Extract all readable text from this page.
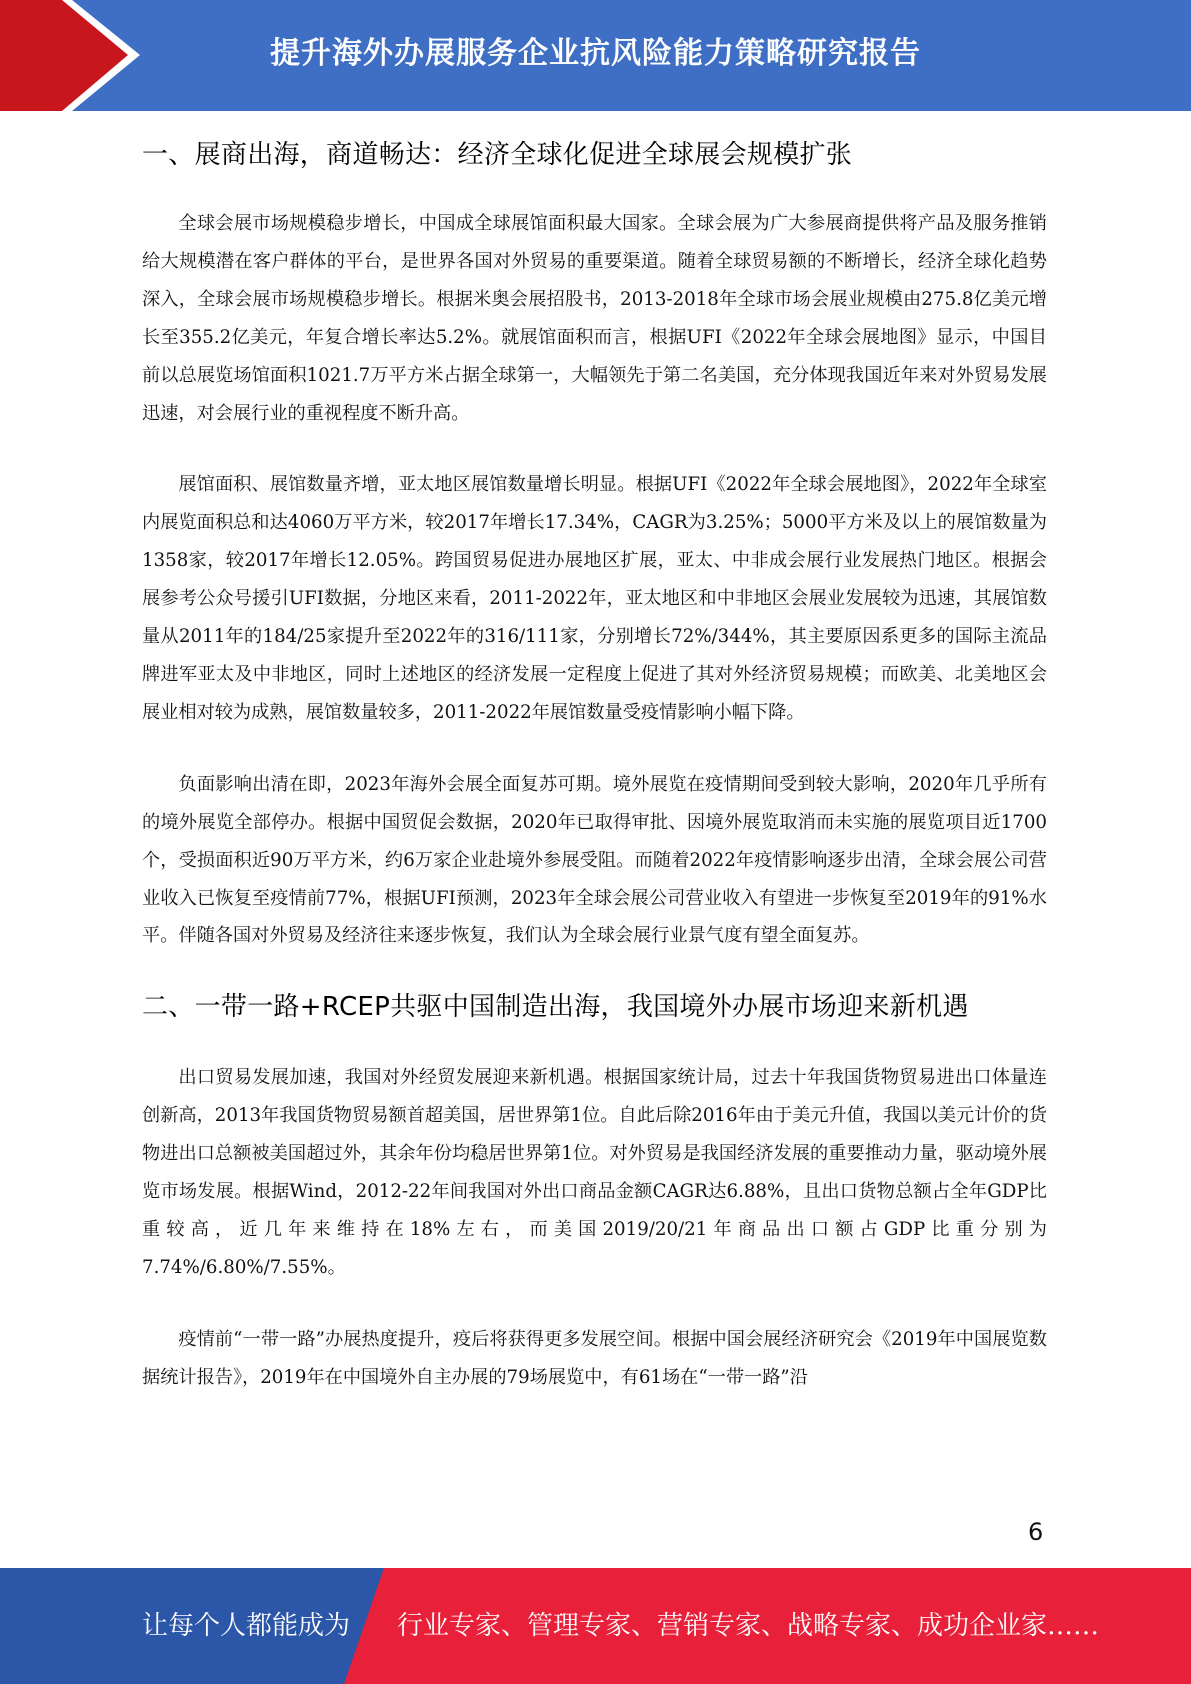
提升海外办展服务企业抗风险能力策略研究报告
一、展商出海，商道畅达：经济全球化促进全球展会规模扩张

全球会展市场规模稳步增长，中国成全球展馆面积最大国家。全球会展为广大参展商提供将产品及服务推销给大规模潜在客户群体的平台，是世界各国对外贸易的重要渠道。随着全球贸易额的不断增长，经济全球化趋势深入，全球会展市场规模稳步增长。根据米奥会展招股书，2013-2018年全球市场会展业规模由275.8亿美元增长至355.2亿美元，年复合增长率达5.2%。就展馆面积而言，根据UFI《2022年全球会展地图》显示，中国目前以总展览场馆面积1021.7万平方米占据全球第一，大幅领先于第二名美国，充分体现我国近年来对外贸易发展迅速，对会展行业的重视程度不断升高。

展馆面积、展馆数量齐增，亚太地区展馆数量增长明显。根据UFI《2022年全球会展地图》，2022年全球室内展览面积总和达4060万平方米，较2017年增长17.34%，CAGR为3.25%；5000平方米及以上的展馆数量为1358家，较2017年增长12.05%。跨国贸易促进办展地区扩展，亚太、中非成会展行业发展热门地区。根据会展参考公众号援引UFI数据，分地区来看，2011-2022年，亚太地区和中非地区会展业发展较为迅速，其展馆数量从2011年的184/25家提升至2022年的316/111家，分别增长72%/344%，其主要原因系更多的国际主流品牌进军亚太及中非地区，同时上述地区的经济发展一定程度上促进了其对外经济贸易规模；而欧美、北美地区会展业相对较为成熟，展馆数量较多，2011-2022年展馆数量受疫情影响小幅下降。

负面影响出清在即，2023年海外会展全面复苏可期。境外展览在疫情期间受到较大影响，2020年几乎所有的境外展览全部停办。根据中国贸促会数据，2020年已取得审批、因境外展览取消而未实施的展览项目近1700个，受损面积近90万平方米，约6万家企业赴境外参展受阻。而随着2022年疫情影响逐步出清，全球会展公司营业收入已恢复至疫情前77%，根据UFI预测，2023年全球会展公司营业收入有望进一步恢复至2019年的91%水平。伴随各国对外贸易及经济往来逐步恢复，我们认为全球会展行业景气度有望全面复苏。

二、一带一路+RCEP共驱中国制造出海，我国境外办展市场迎来新机遇

出口贸易发展加速，我国对外经贸发展迎来新机遇。根据国家统计局，过去十年我国货物贸易进出口体量连创新高，2013年我国货物贸易额首超美国，居世界第1位。自此后除2016年由于美元升值，我国以美元计价的货物进出口总额被美国超过外，其余年份均稳居世界第1位。对外贸易是我国经济发展的重要推动力量，驱动境外展览市场发展。根据Wind，2012-22年间我国对外出口商品金额CAGR达6.88%，且出口货物总额占全年GDP比重较高，近几年来维持在18%左右，而美国2019/20/21年商品出口额占GDP比重分别为7.74%/6.80%/7.55%。

疫情前“一带一路”办展热度提升，疫后将获得更多发展空间。根据中国会展经济研究会《2019年中国展览数据统计报告》，2019年在中国境外自主办展的79场展览中，有61场在“一带一路”沿

6
让每个人都能成为 行业专家、管理专家、营销专家、战略专家、成功企业家……
